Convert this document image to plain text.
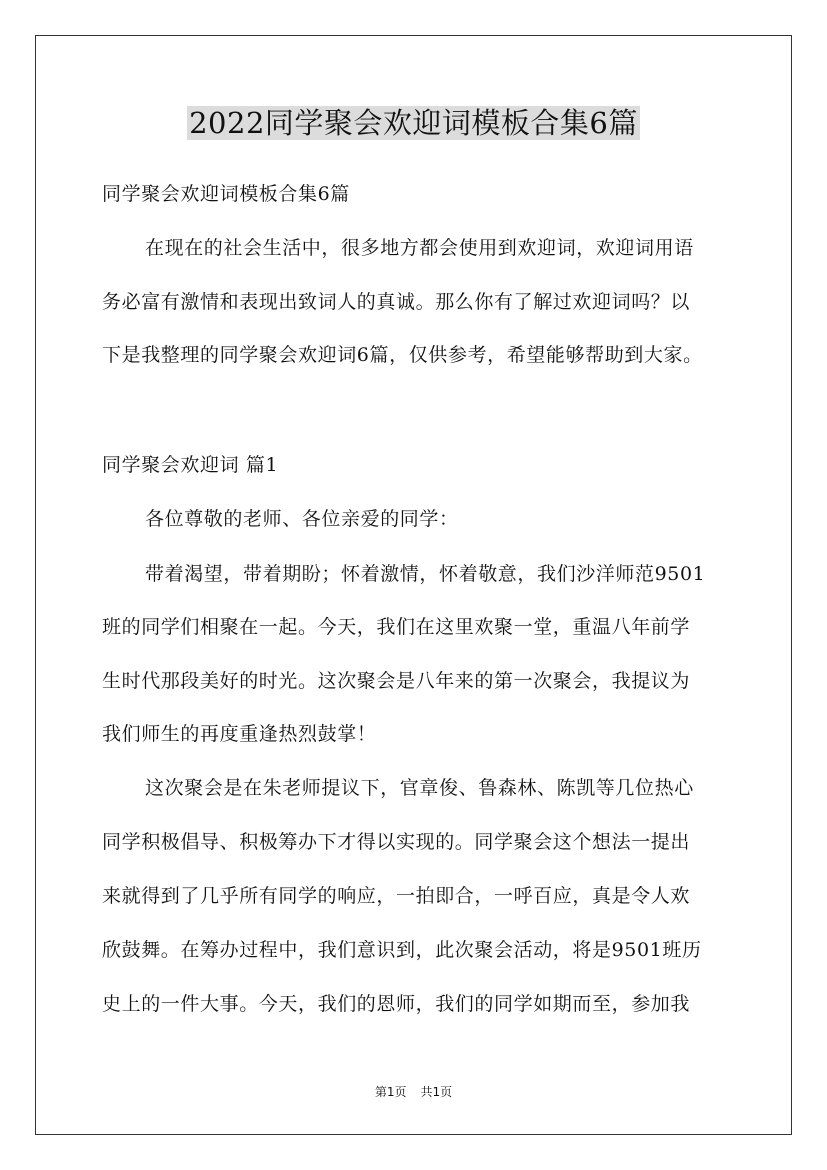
2022同学聚会欢迎词模板合集6篇
同学聚会欢迎词模板合集6篇
在现在的社会生活中，很多地方都会使用到欢迎词，欢迎词用语
务必富有激情和表现出致词人的真诚。那么你有了解过欢迎词吗？以
下是我整理的同学聚会欢迎词6篇，仅供参考，希望能够帮助到大家。
同学聚会欢迎词 篇1
各位尊敬的老师、各位亲爱的同学：
带着渴望，带着期盼；怀着激情，怀着敬意，我们沙洋师范9501
班的同学们相聚在一起。今天，我们在这里欢聚一堂，重温八年前学
生时代那段美好的时光。这次聚会是八年来的第一次聚会，我提议为
我们师生的再度重逢热烈鼓掌！
这次聚会是在朱老师提议下，官章俊、鲁森林、陈凯等几位热心
同学积极倡导、积极筹办下才得以实现的。同学聚会这个想法一提出
来就得到了几乎所有同学的响应，一拍即合，一呼百应，真是令人欢
欣鼓舞。在筹办过程中，我们意识到，此次聚会活动，将是9501班历
史上的一件大事。今天，我们的恩师，我们的同学如期而至，参加我
第1页 共1页
